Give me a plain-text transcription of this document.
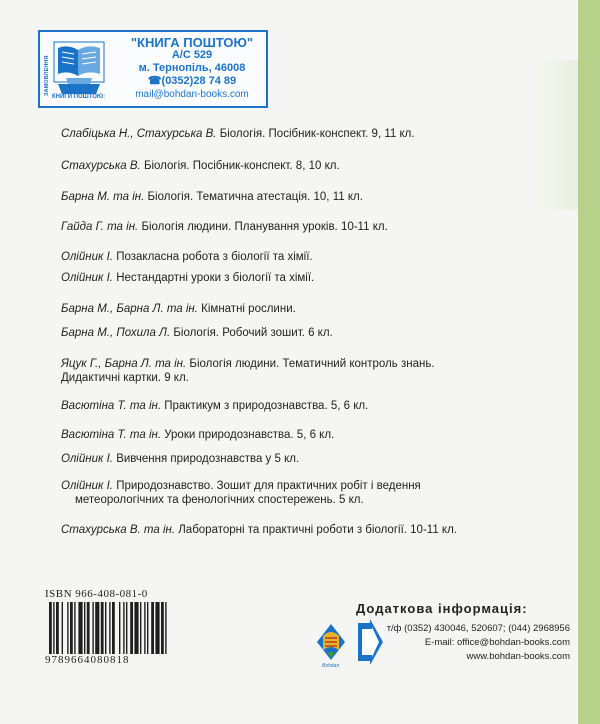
ЗАМОВЛЕННЯ
КНИГИ ПОШТОЮ:
"КНИГА ПОШТОЮ"
А/С 529
м. Тернопіль, 46008
☎(0352)28 74 89
mail@bohdan-books.com
Слабіцька Н., Стахурська В. Біологія. Посібник-конспект. 9, 11 кл.
Стахурська В. Біологія. Посібник-конспект. 8, 10 кл.
Барна М. та ін. Біологія. Тематична атестація. 10, 11 кл.
Гайда Г. та ін. Біологія людини. Планування уроків. 10-11 кл.
Олійник І. Позакласна робота з біології та хімії.
Олійник І. Нестандартні уроки з біології та хімії.
Барна М., Барна Л. та ін. Кімнатні рослини.
Барна М., Похила Л. Біологія. Робочий зошит. 6 кл.
Яцук Г., Барна Л. та ін. Біологія людини. Тематичний контроль знань.
Дидактичні картки. 9 кл.
Васютіна Т. та ін. Практикум з природознавства. 5, 6 кл.
Васютіна Т. та ін. Уроки природознавства. 5, 6 кл.
Олійник І. Вивчення природознавства у 5 кл.
Олійник І. Природознавство. Зошит для практичних робіт і ведення
метеорологічних та фенологічних спостережень. 5 кл.
Стахурська В. та ін. Лабораторні та практичні роботи з біології. 10-11 кл.
ISBN 966-408-081-0
9789664080818	Bohdan
Додаткова інформація:
т/ф (0352) 430046, 520607; (044) 2968956
E-mail: office@bohdan-books.com
www.bohdan-books.com
